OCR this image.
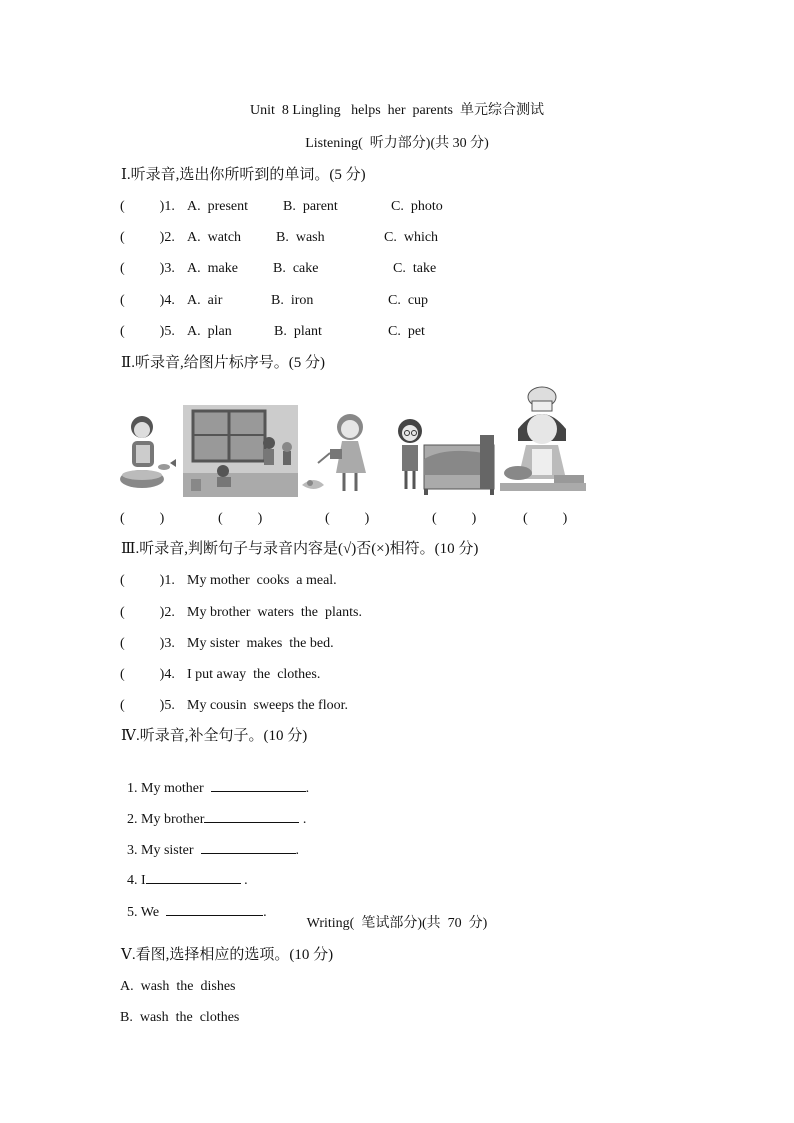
Unit  8 Lingling   helps  her  parents  单元综合测试
Listening(  听力部分)(共 30 分)
Ⅰ.听录音,选出你所听到的单词。(5 分)
(          )1. A.  present B.  parent	C.  photo
(          )2. A.  watch B.  wash	C.  which
(          )3. A.  make	B.  cake	C.  take
(          )4. A.  air	B.  iron	C.  cup
(          )5. A.  plan	B.  plant	C.  pet
Ⅱ.听录音,给图片标序号。(5 分)
(          )	(          )	(          )	(          )	(          )
Ⅲ.听录音,判断句子与录音内容是(√)否(×)相符。(10 分)
(          )1. My mother  cooks  a meal.
(          )2. My brother  waters  the  plants.
(          )3. My sister  makes  the bed.
(          )4. I put away  the  clothes.
(          )5. My cousin  sweeps the floor.
Ⅳ.听录音,补全句子。(10 分)

1. My mother	.

2. My brother	.

3. My sister	.

4. I	.

5. We	.

Writing(  笔试部分)(共  70  分)
Ⅴ.看图,选择相应的选项。(10 分)
A.  wash  the  dishes
B.  wash  the  clothes
